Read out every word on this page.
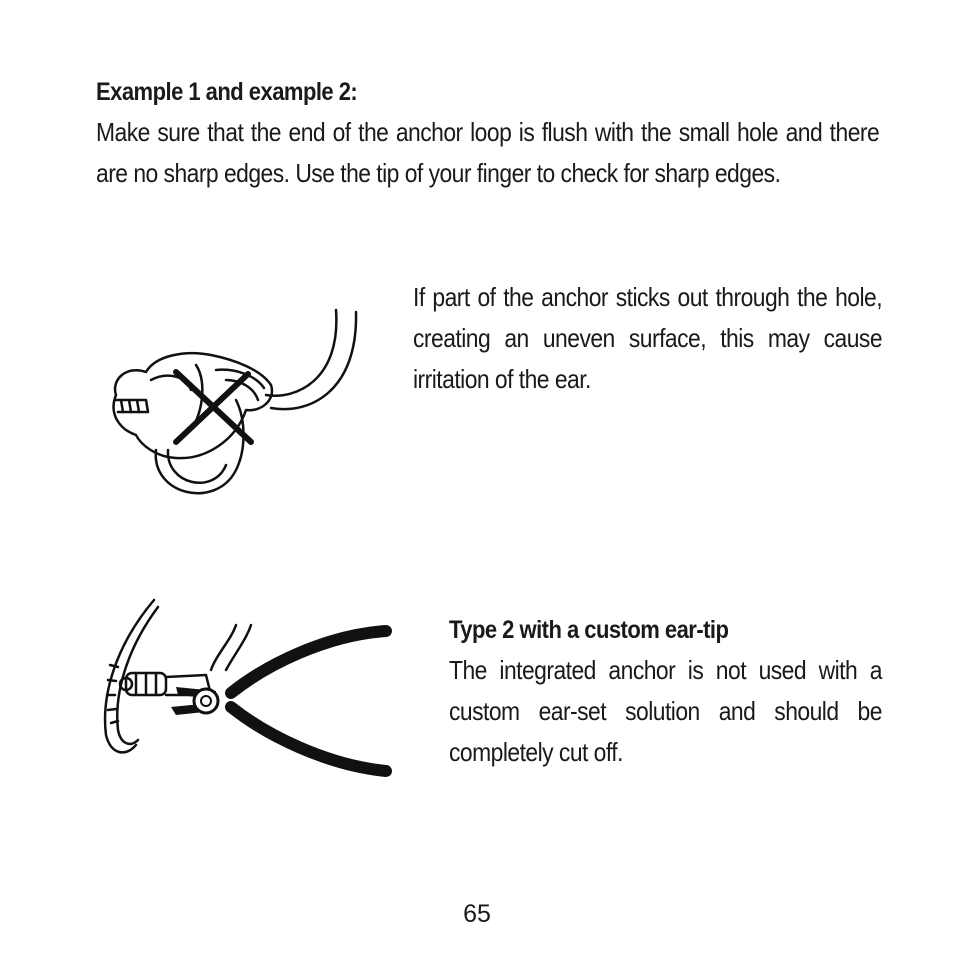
Example 1 and example 2:
Make sure that the end of the anchor loop is flush with the small hole and there are no sharp edges. Use the tip of your finger to check for sharp edges.
If part of the anchor sticks out through the hole, creating an uneven surface, this may cause irritation of the ear.
Type 2 with a custom ear-tip
The integrated anchor is not used with a custom ear-set solution and should be completely cut off.
65
